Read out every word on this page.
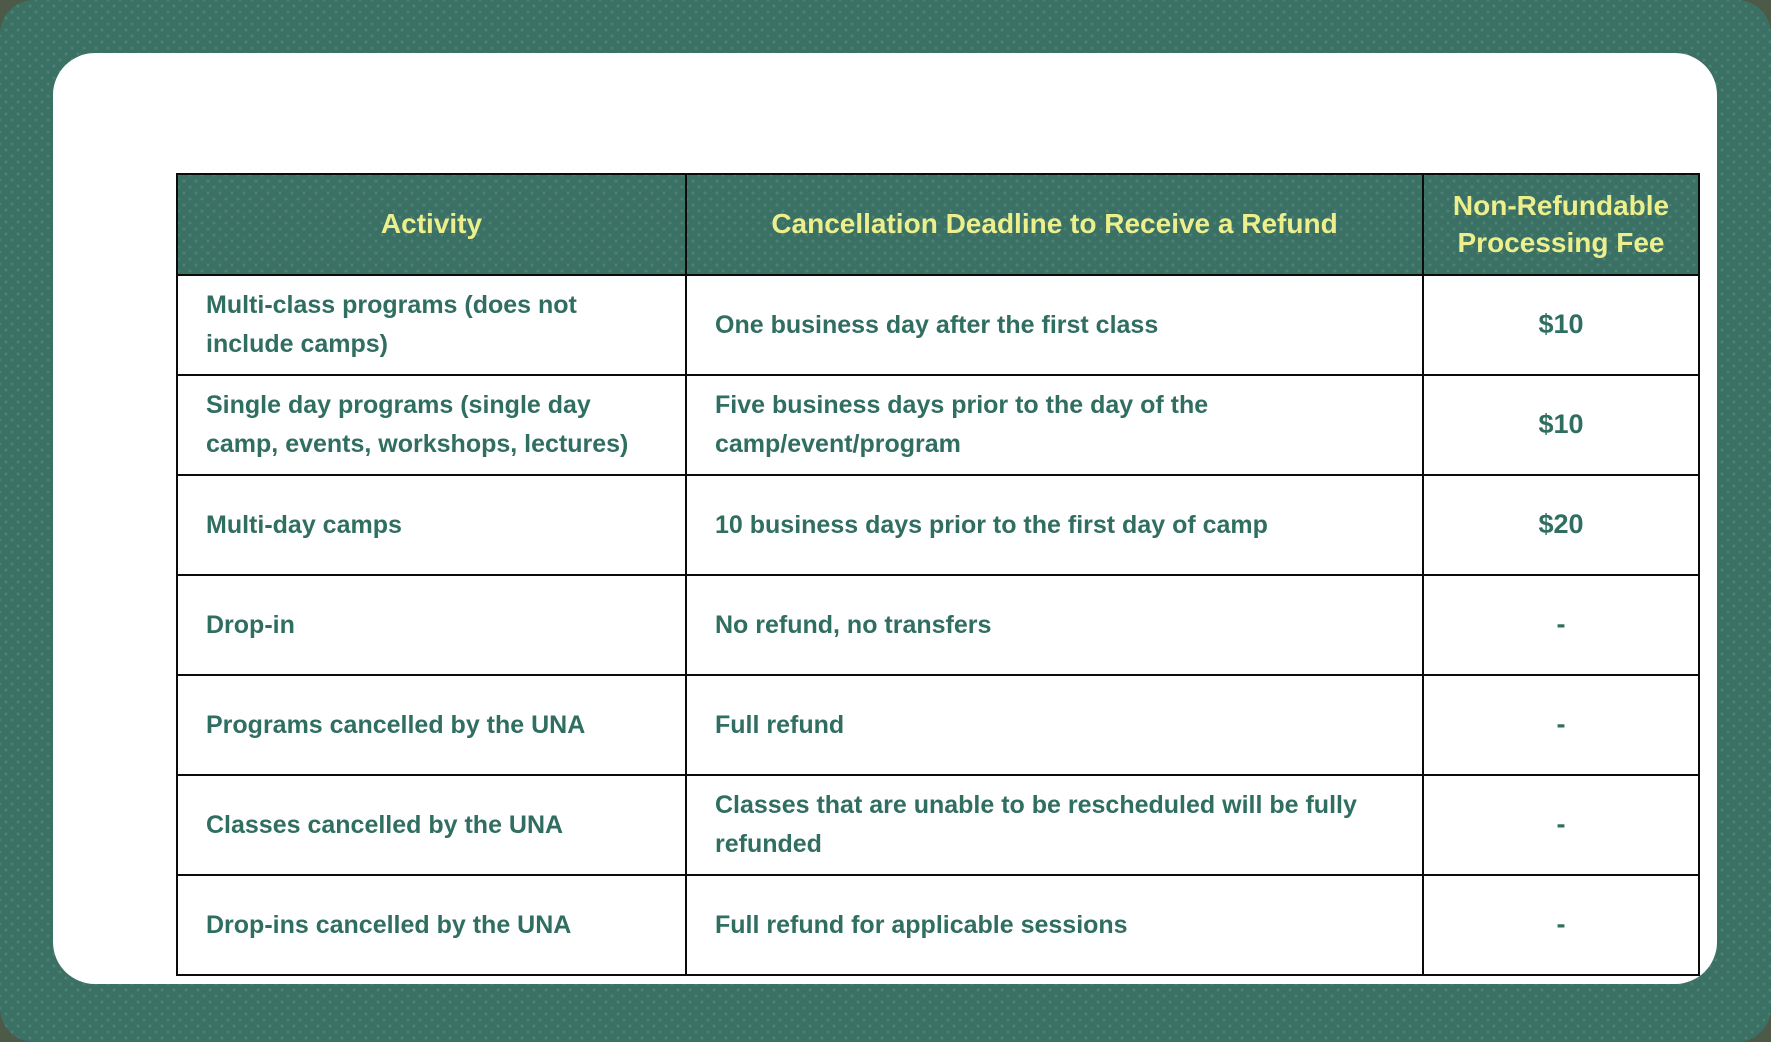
Activity	Cancellation Deadline to Receive a Refund	Non-Refundable Processing Fee
Multi-class programs (does not include camps)	One business day after the first class	$10
Single day programs (single day camp, events, workshops, lectures)	Five business days prior to the day of the camp/event/program	$10
Multi-day camps	10 business days prior to the first day of camp	$20
Drop-in	No refund, no transfers	-
Programs cancelled by the UNA	Full refund	-
Classes cancelled by the UNA	Classes that are unable to be rescheduled will be fully refunded	-
Drop-ins cancelled by the UNA	Full refund for applicable sessions	-
